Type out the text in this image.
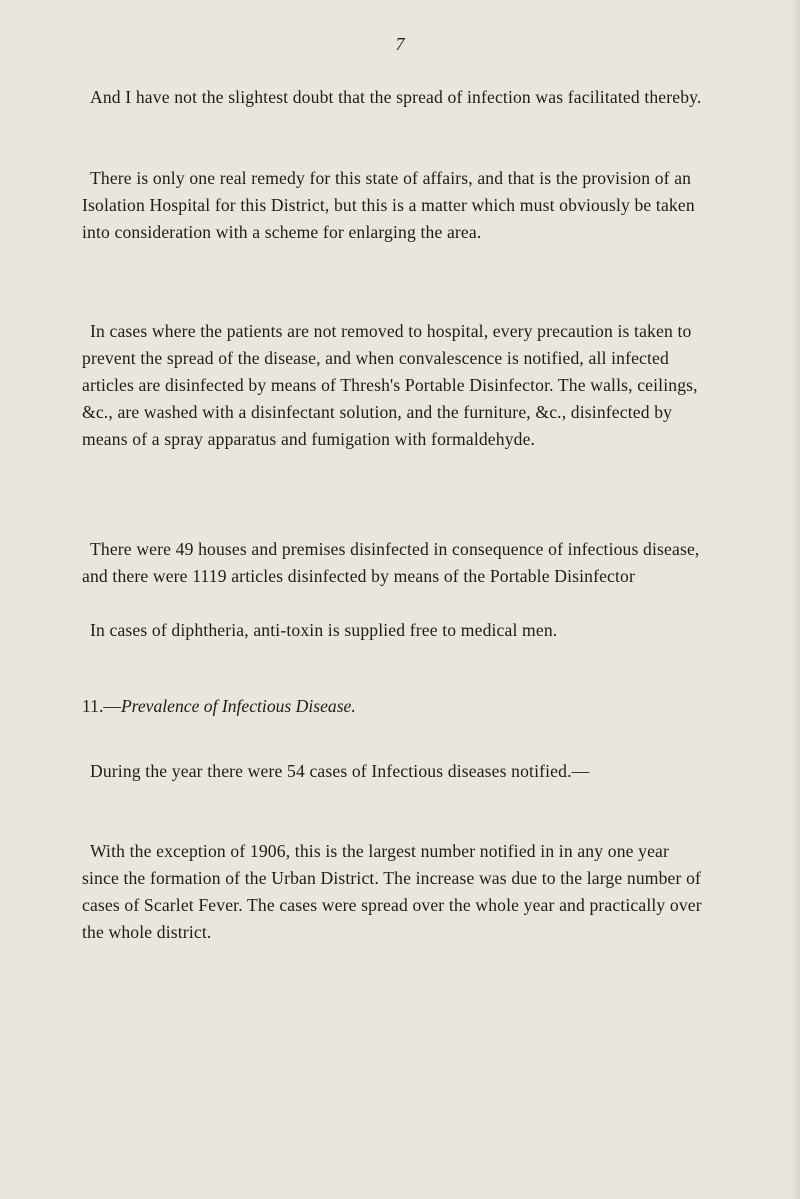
7

And I have not the slightest doubt that the spread of infection was facilitated thereby.

There is only one real remedy for this state of affairs, and that is the provision of an Isolation Hospital for this District, but this is a matter which must obviously be taken into consideration with a scheme for enlarging the area.

In cases where the patients are not removed to hospital, every precaution is taken to prevent the spread of the disease, and when convalescence is notified, all infected articles are disinfected by means of Thresh's Portable Disinfector. The walls, ceilings, &c., are washed with a disinfectant solution, and the furniture, &c., disinfected by means of a spray apparatus and fumigation with formaldehyde.

There were 49 houses and premises disinfected in consequence of infectious disease, and there were 1119 articles disinfected by means of the Portable Disinfector

In cases of diphtheria, anti-toxin is supplied free to medical men.

11.—Prevalence of Infectious Disease.

During the year there were 54 cases of Infectious diseases notified.—

With the exception of 1906, this is the largest number notified in in any one year since the formation of the Urban District. The increase was due to the large number of cases of Scarlet Fever. The cases were spread over the whole year and practically over the whole district.
